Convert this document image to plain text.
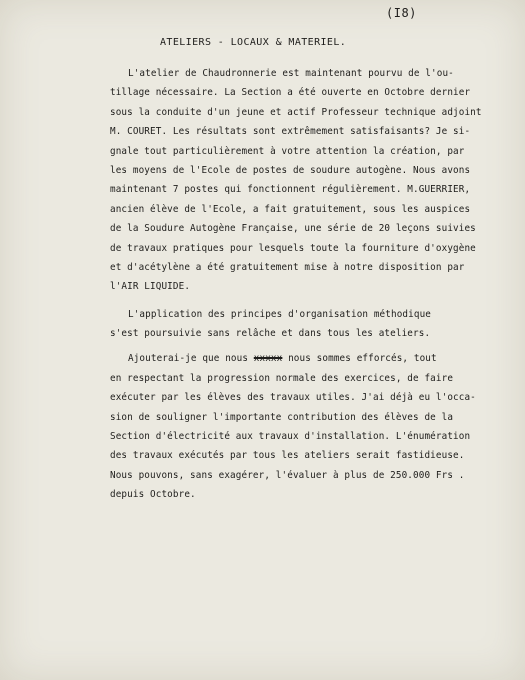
(I8)
ATELIERS - LOCAUX & MATERIEL.
L'atelier de Chaudronnerie est maintenant pourvu de l'ou-
tillage nécessaire. La Section a été ouverte en Octobre dernier
sous la conduite d'un jeune et actif Professeur technique adjoint
M. COURET. Les résultats sont extrêmement satisfaisants? Je si-
gnale tout particulièrement à votre attention la création, par
les moyens de l'Ecole de postes de soudure autogène. Nous avons
maintenant 7 postes qui fonctionnent régulièrement. M.GUERRIER,
ancien élève de l'Ecole, a fait gratuitement, sous les auspices
de la Soudure Autogène Française, une série de 20 leçons suivies
de travaux pratiques pour lesquels toute la fourniture d'oxygène
et d'acétylène a été gratuitement mise à notre disposition par
l'AIR LIQUIDE.
L'application des principes d'organisation méthodique
s'est poursuivie sans relâche et dans tous les ateliers.
Ajouterai-je que nous xxxxx nous sommes efforcés, tout
en respectant la progression normale des exercices, de faire
exécuter par les élèves des travaux utiles. J'ai déjà eu l'occa-
sion de souligner l'importante contribution des élèves de la
Section d'électricité aux travaux d'installation. L'énumération
des travaux exécutés par tous les ateliers serait fastidieuse.
Nous pouvons, sans exagérer, l'évaluer à plus de 250.000 Frs .
depuis Octobre.
